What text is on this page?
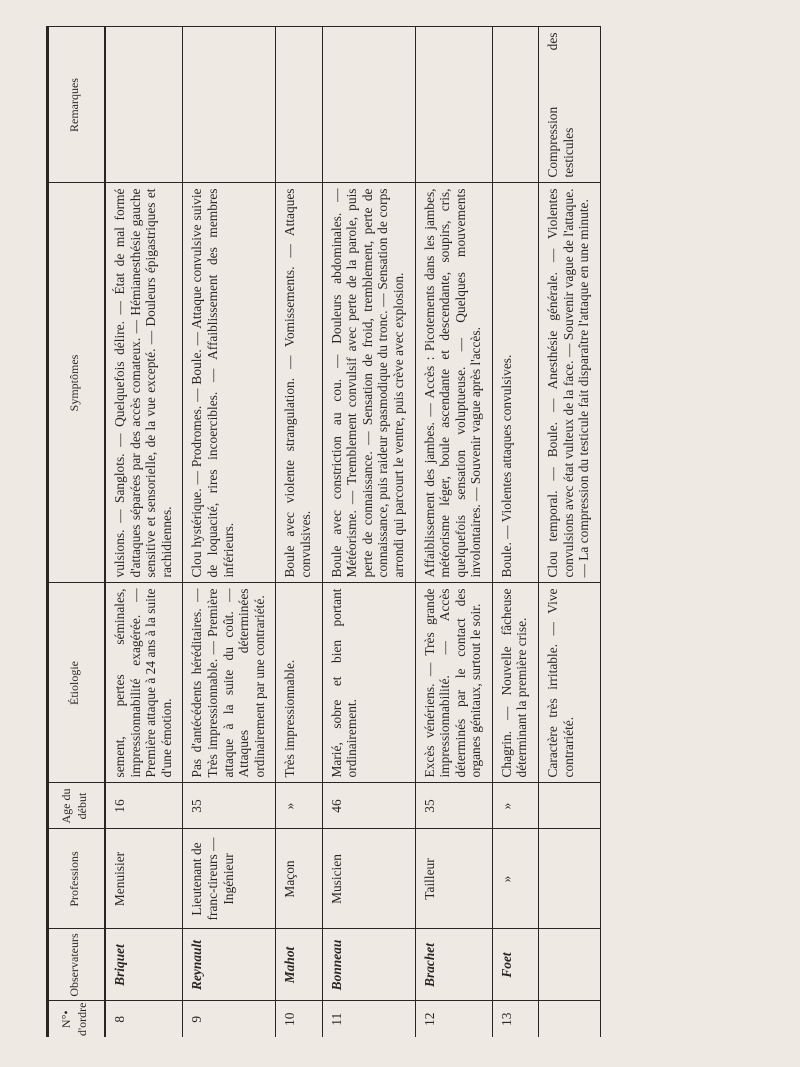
N°• d'ordre	Observateurs	Professions	Age du début	Étiologie	Symptômes	Remarques
8	Briquet	Menuisier	16	sement, pertes séminales, impressionnabilité exagérée. — Première attaque à 24 ans à la suite d'une émotion.	vulsions. — Sanglots. — Quelquefois délire. — État de mal formé d'attaques séparées par des accès comateux. — Hémianesthésie gauche sensitive et sensorielle, de la vue excepté. — Douleurs épigastriques et rachidiennes.	
9	Reynault	Lieutenant de franc-tireurs — Ingénieur	35	Pas d'antécédents héréditaires. — Très impressionnable. — Première attaque à la suite du coût. — Attaques déterminées ordinairement par une contrariété.	Clou hystérique. — Prodromes. — Boule. — Attaque convulsive suivie de loquacité, rires incoercibles. — Affaiblissement des membres inférieurs.	
10	Mahot	Maçon	»	Très impressionnable.	Boule avec violente strangulation. — Vomissements. — Attaques convulsives.	
11	Bonneau	Musicien	46	Marié, sobre et bien portant ordinairement.	Boule avec constriction au cou. — Douleurs abdominales. — Météorisme. — Tremblement convulsif avec perte de la parole, puis perte de connaissance. — Sensation de froid, tremblement, perte de connaissance, puis raideur spasmodique du tronc. — Sensation de corps arrondi qui parcourt le ventre, puis crève avec explosion.	
12	Brachet	Tailleur	35	Excès vénériens. — Très grande impressionnabilité. — Accès déterminés par le contact des organes génitaux, surtout le soir.	Affaiblissement des jambes. — Accès : Picotements dans les jambes, météorisme léger, boule ascendante et descendante, soupirs, cris, quelquefois sensation voluptueuse. — Quelques mouvements involontaires. — Souvenir vague après l'accès.	
13	Foet	»	»	Chagrin. — Nouvelle fâcheuse déterminant la première crise.	Boule. — Violentes attaques convulsives.	
				Caractère très irritable. — Vive contrariété.	Clou temporal. — Boule. — Anesthésie générale. — Violentes convulsions avec état vulteux de la face. — Souvenir vague de l'attaque. — La compression du testicule fait disparaître l'attaque en une minute.	Compression des testicules
